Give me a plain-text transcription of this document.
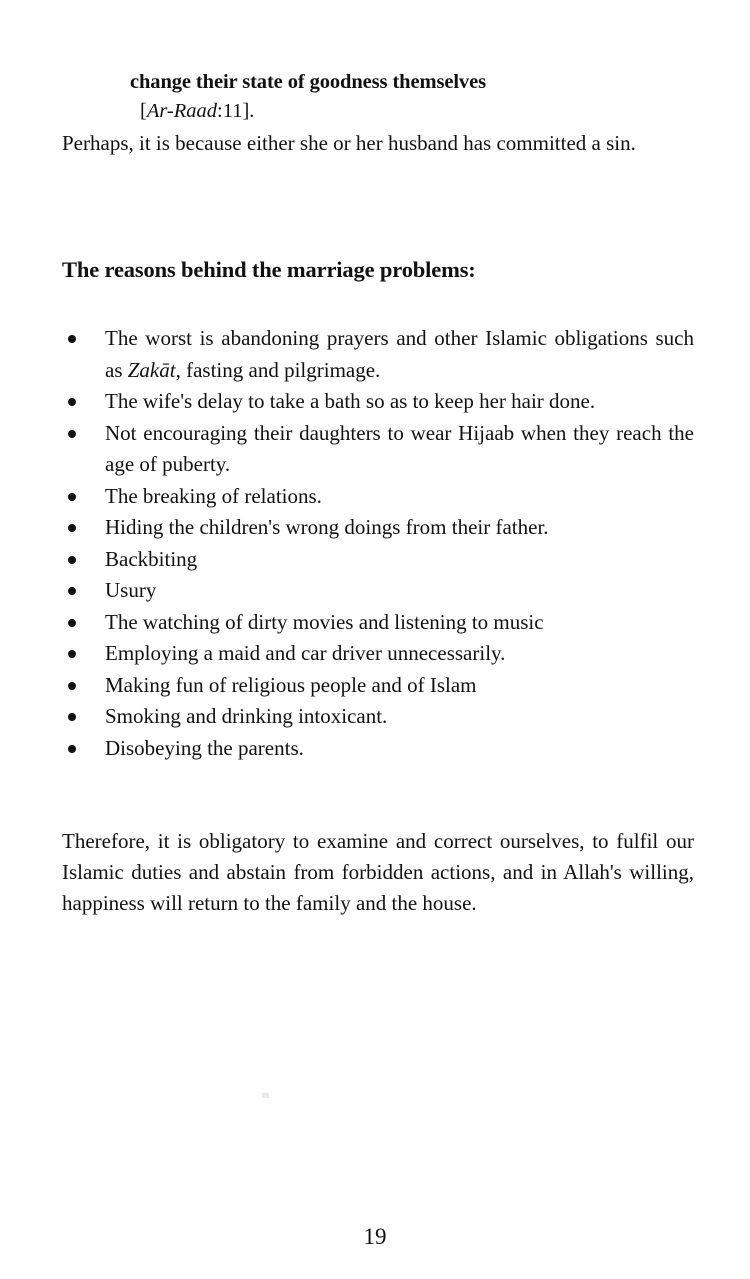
change their state of goodness themselves
[Ar-Raad:11].

Perhaps, it is because either she or her husband has committed a sin.

The reasons behind the marriage problems:
The worst is abandoning prayers and other Islamic obligations such as Zakāt, fasting and pilgrimage.
The wife's delay to take a bath so as to keep her hair done.
Not encouraging their daughters to wear Hijaab when they reach the age of puberty.
The breaking of relations.
Hiding the children's wrong doings from their father.
Backbiting
Usury
The watching of dirty movies and listening to music
Employing a maid and car driver unnecessarily.
Making fun of religious people and of Islam
Smoking and drinking intoxicant.
Disobeying the parents.

Therefore, it is obligatory to examine and correct ourselves, to fulfil our Islamic duties and abstain from forbidden actions, and in Allah's willing, happiness will return to the family and the house.

19
